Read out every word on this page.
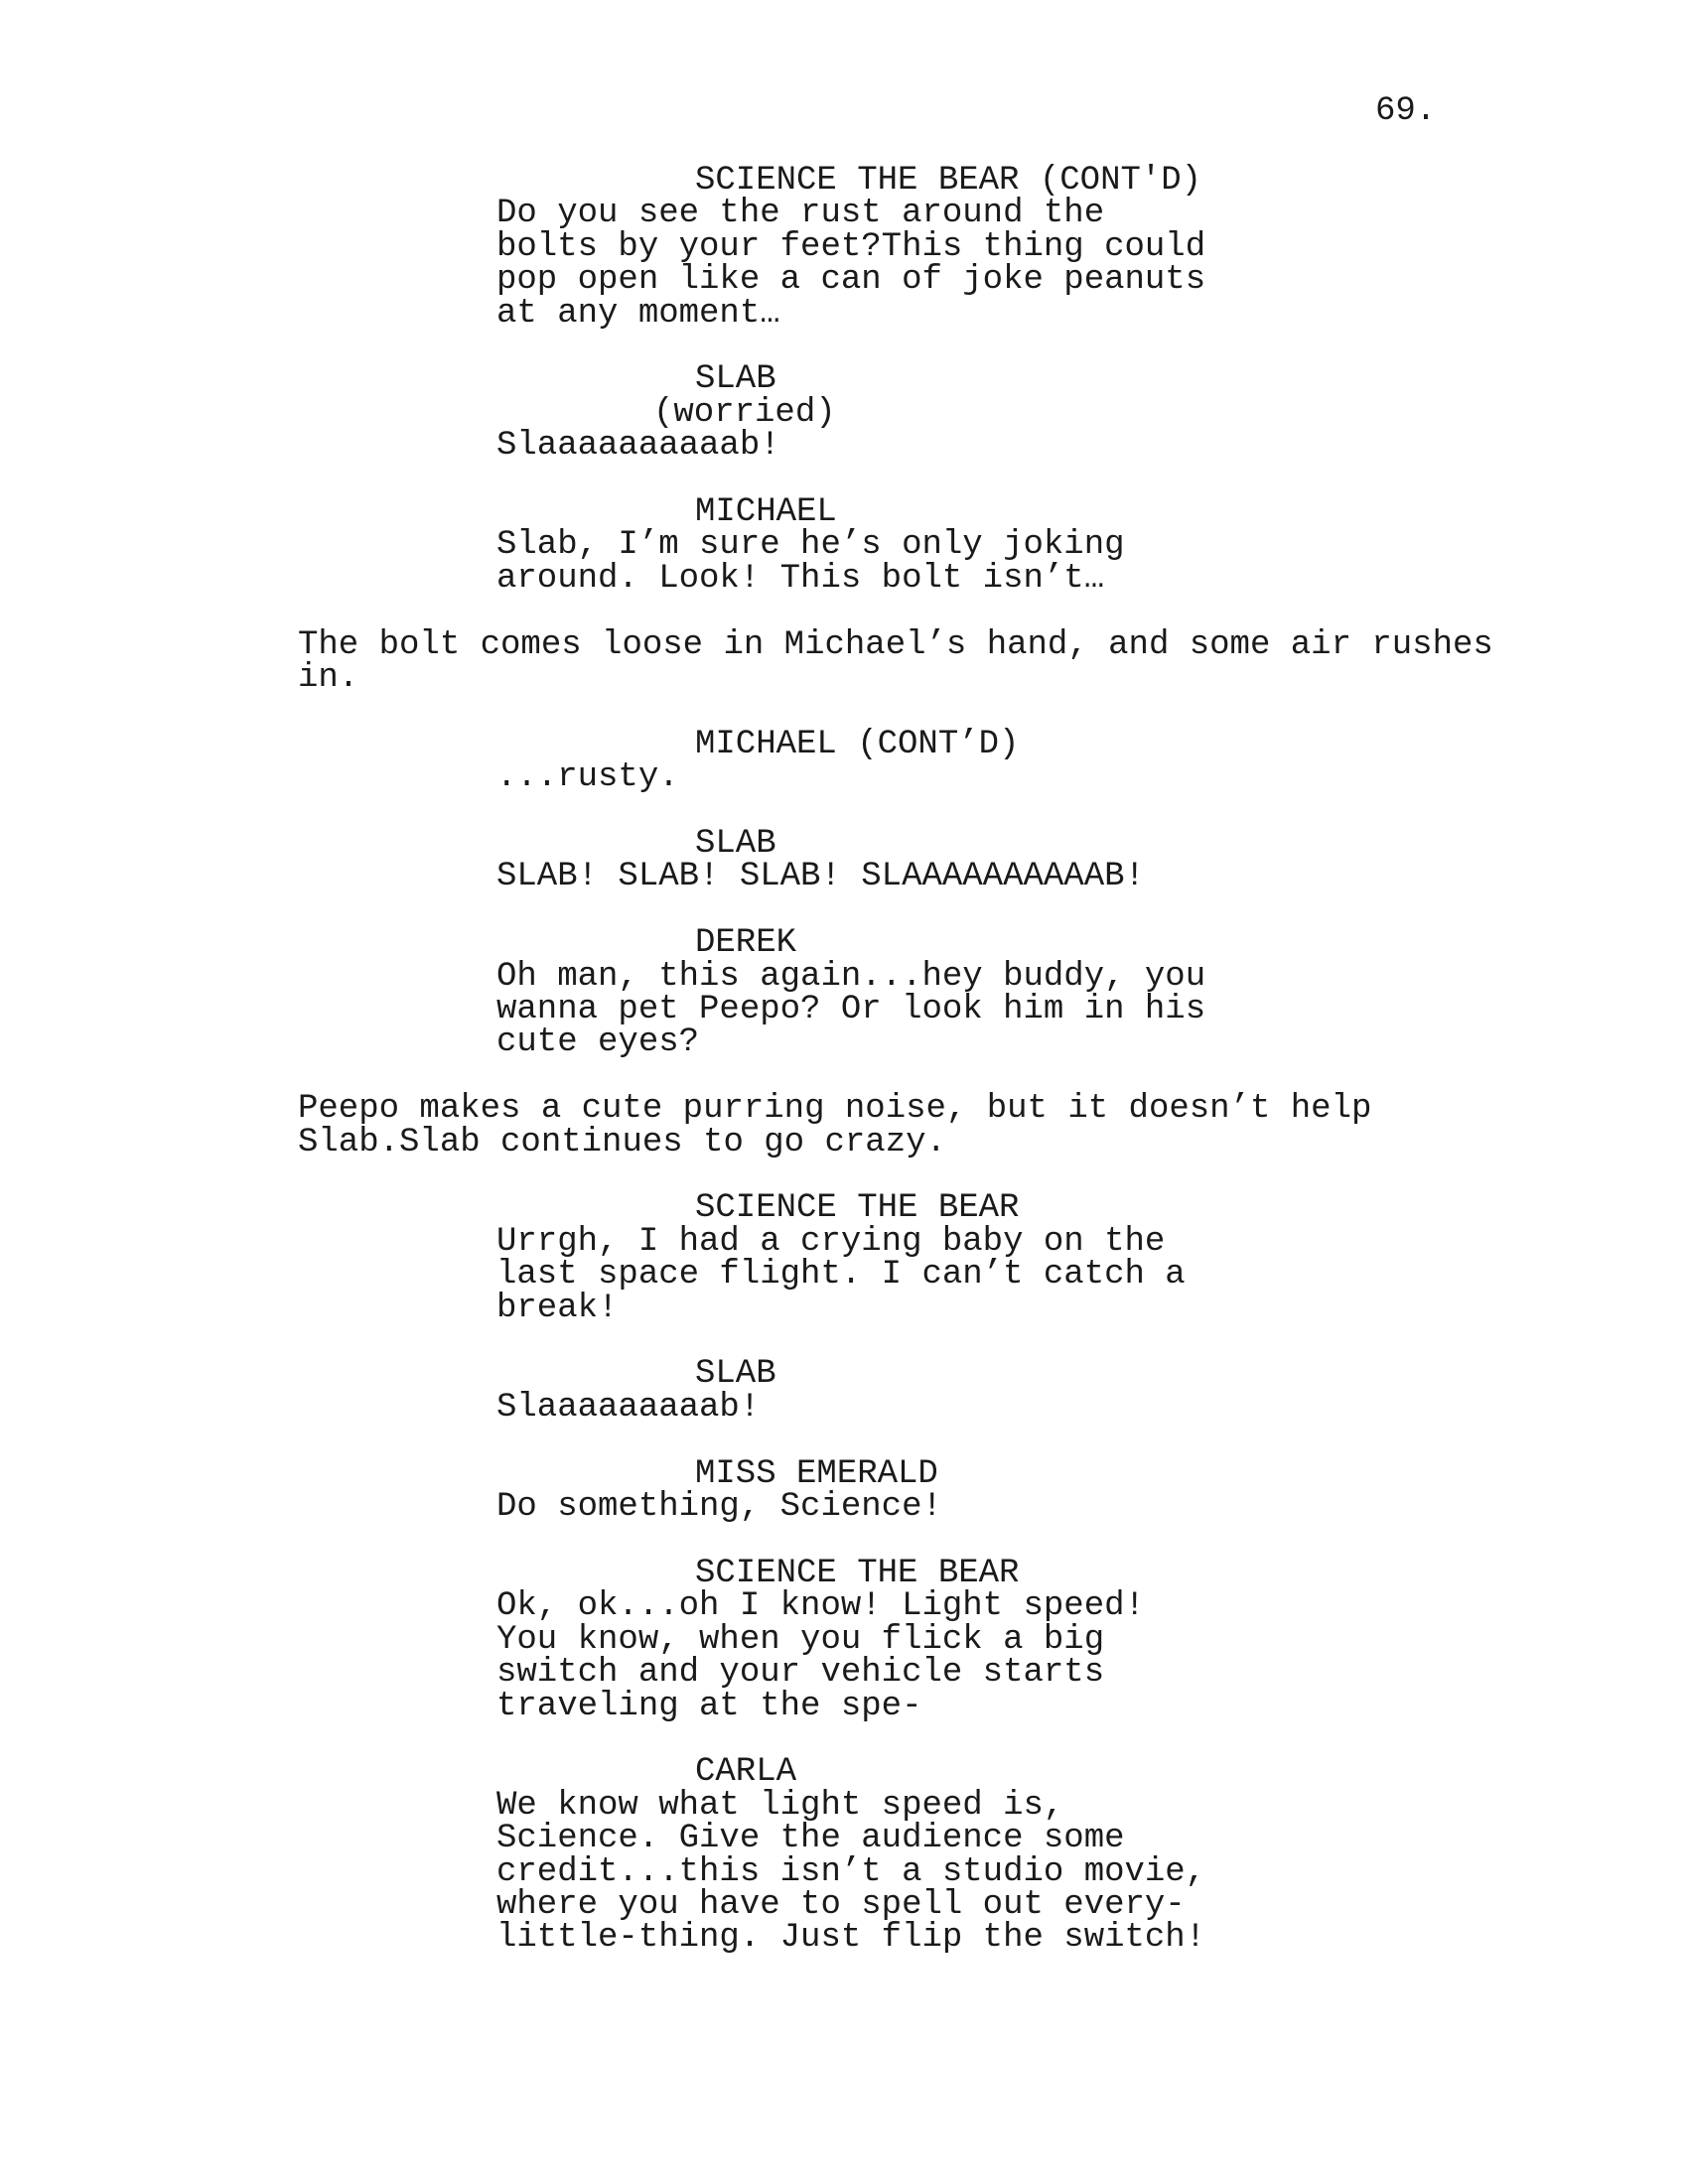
69.
SCIENCE THE BEAR (CONT'D)
Do you see the rust around the
bolts by your feet?This thing could
pop open like a can of joke peanuts
at any moment…
SLAB
(worried)
Slaaaaaaaaaab!
MICHAEL
Slab, I’m sure he’s only joking
around. Look! This bolt isn’t…
The bolt comes loose in Michael’s hand, and some air rushes
in.
MICHAEL (CONT’D)
...rusty.
SLAB
SLAB! SLAB! SLAB! SLAAAAAAAAAAB!
DEREK
Oh man, this again...hey buddy, you
wanna pet Peepo? Or look him in his
cute eyes?
Peepo makes a cute purring noise, but it doesn’t help
Slab.Slab continues to go crazy.
SCIENCE THE BEAR
Urrgh, I had a crying baby on the
last space flight. I can’t catch a
break!
SLAB
Slaaaaaaaaab!
MISS EMERALD
Do something, Science!
SCIENCE THE BEAR
Ok, ok...oh I know! Light speed!
You know, when you flick a big
switch and your vehicle starts
traveling at the spe-
CARLA
We know what light speed is,
Science. Give the audience some
credit...this isn’t a studio movie,
where you have to spell out every-
little-thing. Just flip the switch!
